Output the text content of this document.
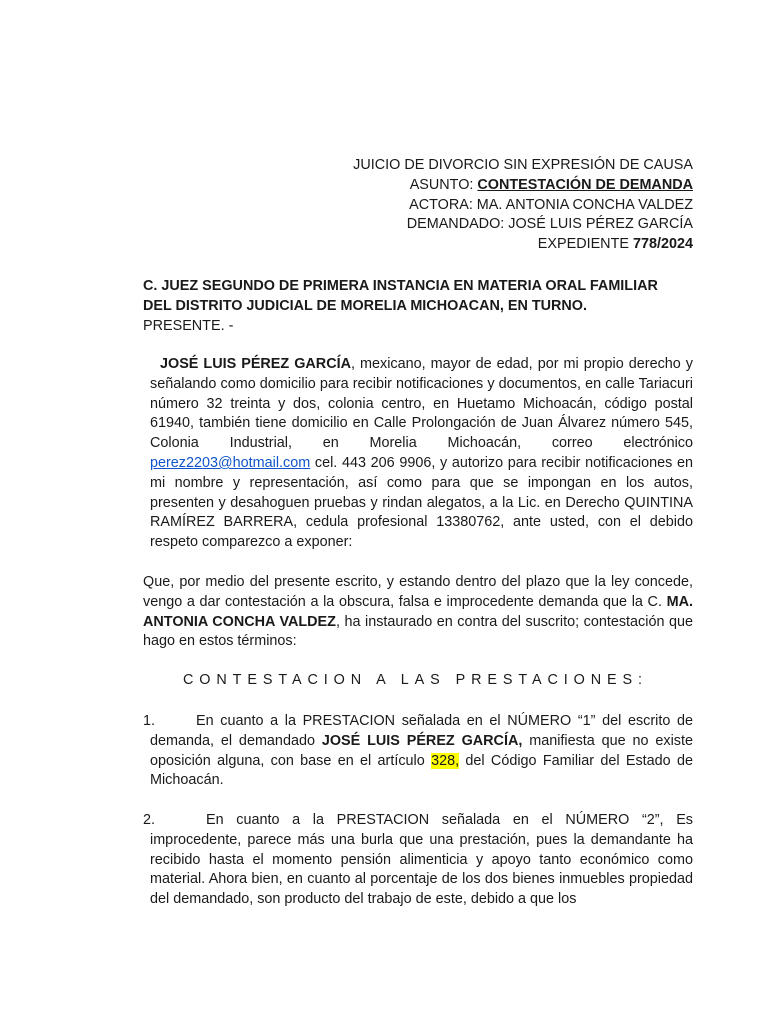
JUICIO DE DIVORCIO SIN EXPRESIÓN DE CAUSA
ASUNTO: CONTESTACIÓN DE DEMANDA
ACTORA: MA. ANTONIA CONCHA VALDEZ
DEMANDADO: JOSÉ LUIS PÉREZ GARCÍA
EXPEDIENTE 778/2024
C. JUEZ SEGUNDO DE PRIMERA INSTANCIA EN MATERIA ORAL FAMILIAR DEL DISTRITO JUDICIAL DE MORELIA MICHOACAN, EN TURNO.
PRESENTE. -
JOSÉ LUIS PÉREZ GARCÍA, mexicano, mayor de edad, por mi propio derecho y señalando como domicilio para recibir notificaciones y documentos, en calle Tariacuri número 32 treinta y dos, colonia centro, en Huetamo Michoacán, código postal 61940, también tiene domicilio en Calle Prolongación de Juan Álvarez número 545, Colonia Industrial, en Morelia Michoacán, correo electrónico perez2203@hotmail.com cel. 443 206 9906, y autorizo para recibir notificaciones en mi nombre y representación, así como para que se impongan en los autos, presenten y desahoguen pruebas y rindan alegatos, a la Lic. en Derecho QUINTINA RAMÍREZ BARRERA, cedula profesional 13380762, ante usted, con el debido respeto comparezco a exponer:
Que, por medio del presente escrito, y estando dentro del plazo que la ley concede, vengo a dar contestación a la obscura, falsa e improcedente demanda que la C. MA. ANTONIA CONCHA VALDEZ, ha instaurado en contra del suscrito; contestación que hago en estos términos:
CONTESTACION A LAS PRESTACIONES:
1.	En cuanto a la PRESTACION señalada en el NÚMERO “1” del escrito de demanda, el demandado JOSÉ LUIS PÉREZ GARCÍA, manifiesta que no existe oposición alguna, con base en el artículo 328, del Código Familiar del Estado de Michoacán.
2.	En cuanto a la PRESTACION señalada en el NÚMERO “2”, Es improcedente, parece más una burla que una prestación, pues la demandante ha recibido hasta el momento pensión alimenticia y apoyo tanto económico como material. Ahora bien, en cuanto al porcentaje de los dos bienes inmuebles propiedad del demandado, son producto del trabajo de este, debido a que los
